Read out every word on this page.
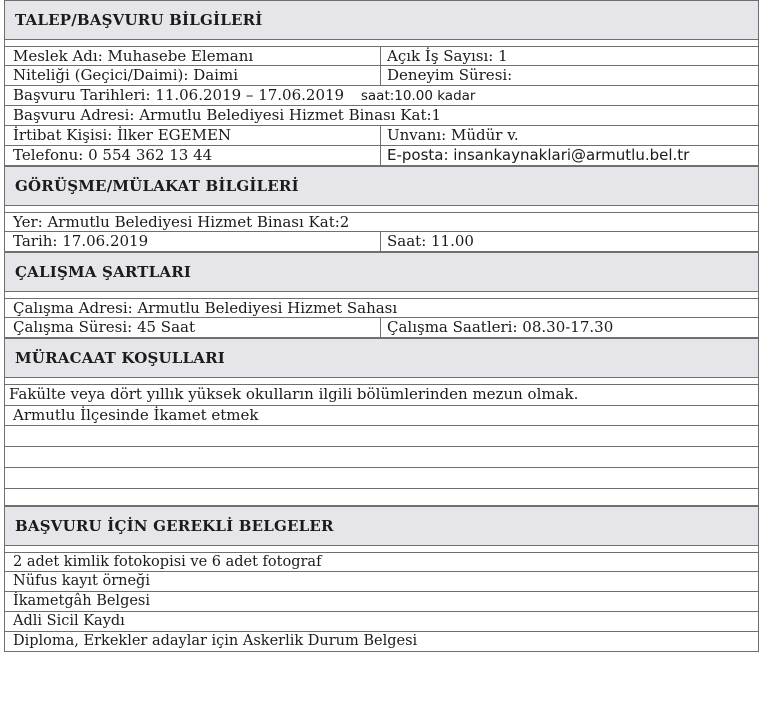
TALEP/BAŞVURU BİLGİLERİ
Meslek Adı: Muhasebe Elemanı	Açık İş Sayısı: 1
Niteliği (Geçici/Daimi): Daimi	Deneyim Süresi:
Başvuru Tarihleri: 11.06.2019 – 17.06.2019 saat:10.00 kadar
Başvuru Adresi: Armutlu Belediyesi Hizmet Binası Kat:1
İrtibat Kişisi: İlker EGEMEN	Unvanı: Müdür v.
Telefonu: 0 554 362 13 44	E-posta: insankaynaklari@armutlu.bel.tr
GÖRÜŞME/MÜLAKAT BİLGİLERİ
Yer: Armutlu Belediyesi Hizmet Binası Kat:2
Tarih: 17.06.2019	Saat: 11.00
ÇALIŞMA ŞARTLARI
Çalışma Adresi: Armutlu Belediyesi Hizmet Sahası
Çalışma Süresi: 45 Saat	Çalışma Saatleri: 08.30-17.30
MÜRACAAT KOŞULLARI
Fakülte veya dört yıllık yüksek okulların ilgili bölümlerinden mezun olmak.
Armutlu İlçesinde İkamet etmek
BAŞVURU İÇİN GEREKLİ BELGELER
2 adet kimlik fotokopisi ve 6 adet fotograf
Nüfus kayıt örneği
İkametgâh Belgesi
Adli Sicil Kaydı
Diploma, Erkekler adaylar için Askerlik Durum Belgesi
